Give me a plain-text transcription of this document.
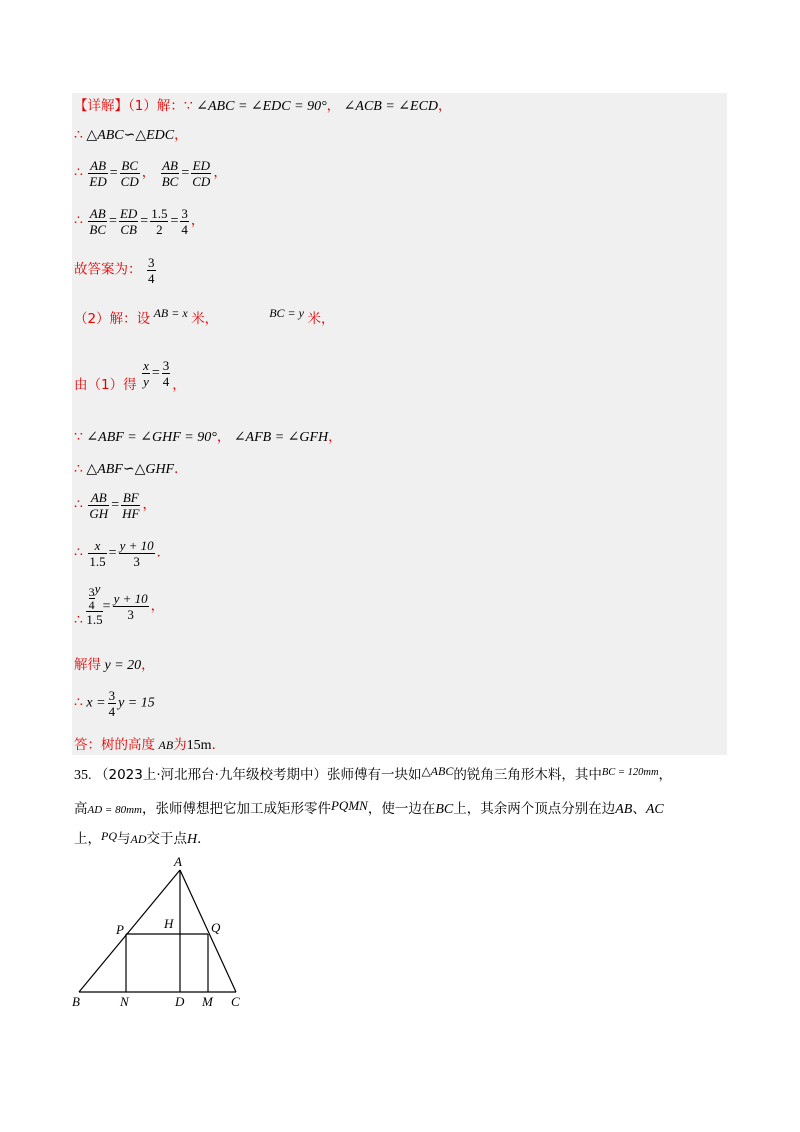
【详解】（1）解：∵ ∠ABC = ∠EDC = 90°， ∠ACB = ∠ECD，
∴ △ABC∽△EDC，
∴ $\frac{AB}{ED} = \frac{BC}{CD}$ ， $\frac{AB}{BC} = \frac{ED}{CD}$ ，
∴ $\frac{AB}{BC} = \frac{ED}{CB} = \frac{1.5}{2} = \frac{3}{4}$ ，
故答案为： $\frac{3}{4}$
（2）解：设 AB = x 米，	BC = y 米，
由（1）得 $\frac{x}{y} = \frac{3}{4}$ ，
∵ ∠ABF = ∠GHF = 90°， ∠AFB = ∠GFH，
∴ △ABF∽△GHF．
∴ $\frac{AB}{GH} = \frac{BF}{HF}$ ，
∴ $\frac{x}{1.5} = \frac{y + 10}{3}$ ．
∴ $\frac{\frac{3}{4} y}{1.5} = \frac{y + 10}{3}$ ，
解得 y = 20，
∴ $x = \frac{3}{4}$ y = 15
答：树的高度 AB为15m．
35. （2023上·河北邢台·九年级校考期中）张师傅有一块如△ABC的锐角三角形木料，其中$^{BC = 120mm}$，
高AD = 80mm，张师傅想把它加工成矩形零件PQMN，使一边在BC上，其余两个顶点分别在边AB、AC
上，PQ与AD交于点H．
A
B	C
D
P	Q
H
N	M
